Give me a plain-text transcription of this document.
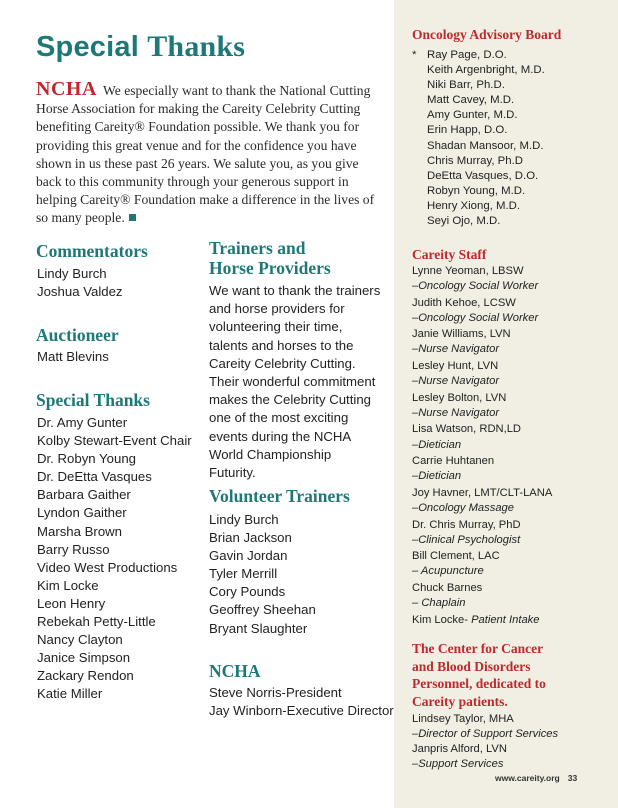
Special Thanks

NCHA We especially want to thank the National Cutting Horse Association for making the Careity Celebrity Cutting benefiting Careity® Foundation possible. We thank you for providing this great venue and for the confidence you have shown in us these past 26 years. We salute you, as you give back to this community through your generous support in helping Careity® Foundation make a difference in the lives of so many people.

Commentators
Lindy Burch
Joshua Valdez
Auctioneer
Matt Blevins
Special Thanks
Dr. Amy Gunter
Kolby Stewart-Event Chair
Dr. Robyn Young
Dr. DeEtta Vasques
Barbara Gaither
Lyndon Gaither
Marsha Brown
Barry Russo
Video West Productions
Kim Locke
Leon Henry
Rebekah Petty-Little
Nancy Clayton
Janice Simpson
Zackary Rendon
Katie Miller
Trainers and
Horse Providers

We want to thank the trainers and horse providers for volunteering their time, talents and horses to the Careity Celebrity Cutting. Their wonderful commitment makes the Celebrity Cutting one of the most exciting events during the NCHA World Championship Futurity.

Volunteer Trainers
Lindy Burch
Brian Jackson
Gavin Jordan
Tyler Merrill
Cory Pounds
Geoffrey Sheehan
Bryant Slaughter
NCHA
Steve Norris-President
Jay Winborn-Executive Director
Oncology Advisory Board
* Ray Page, D.O.
Keith Argenbright, M.D.
Niki Barr, Ph.D.
Matt Cavey, M.D.
Amy Gunter, M.D.
Erin Happ, D.O.
Shadan Mansoor, M.D.
Chris Murray, Ph.D
DeEtta Vasques, D.O.
Robyn Young, M.D.
Henry Xiong, M.D.
Seyi Ojo, M.D.
Careity Staff
Lynne Yeoman, LBSW
–Oncology Social Worker
Judith Kehoe, LCSW
–Oncology Social Worker
Janie Williams, LVN
–Nurse Navigator
Lesley Hunt, LVN
–Nurse Navigator
Lesley Bolton, LVN
–Nurse Navigator
Lisa Watson, RDN,LD
–Dietician
Carrie Huhtanen
–Dietician
Joy Havner, LMT/CLT-LANA
–Oncology Massage
Dr. Chris Murray, PhD
–Clinical Psychologist
Bill Clement, LAC
– Acupuncture
Chuck Barnes
– Chaplain
Kim Locke- Patient Intake
The Center for Cancer
and Blood Disorders
Personnel, dedicated to
Careity patients.
Lindsey Taylor, MHA
–Director of Support Services
Janpris Alford, LVN
–Support Services
www.careity.org 33
